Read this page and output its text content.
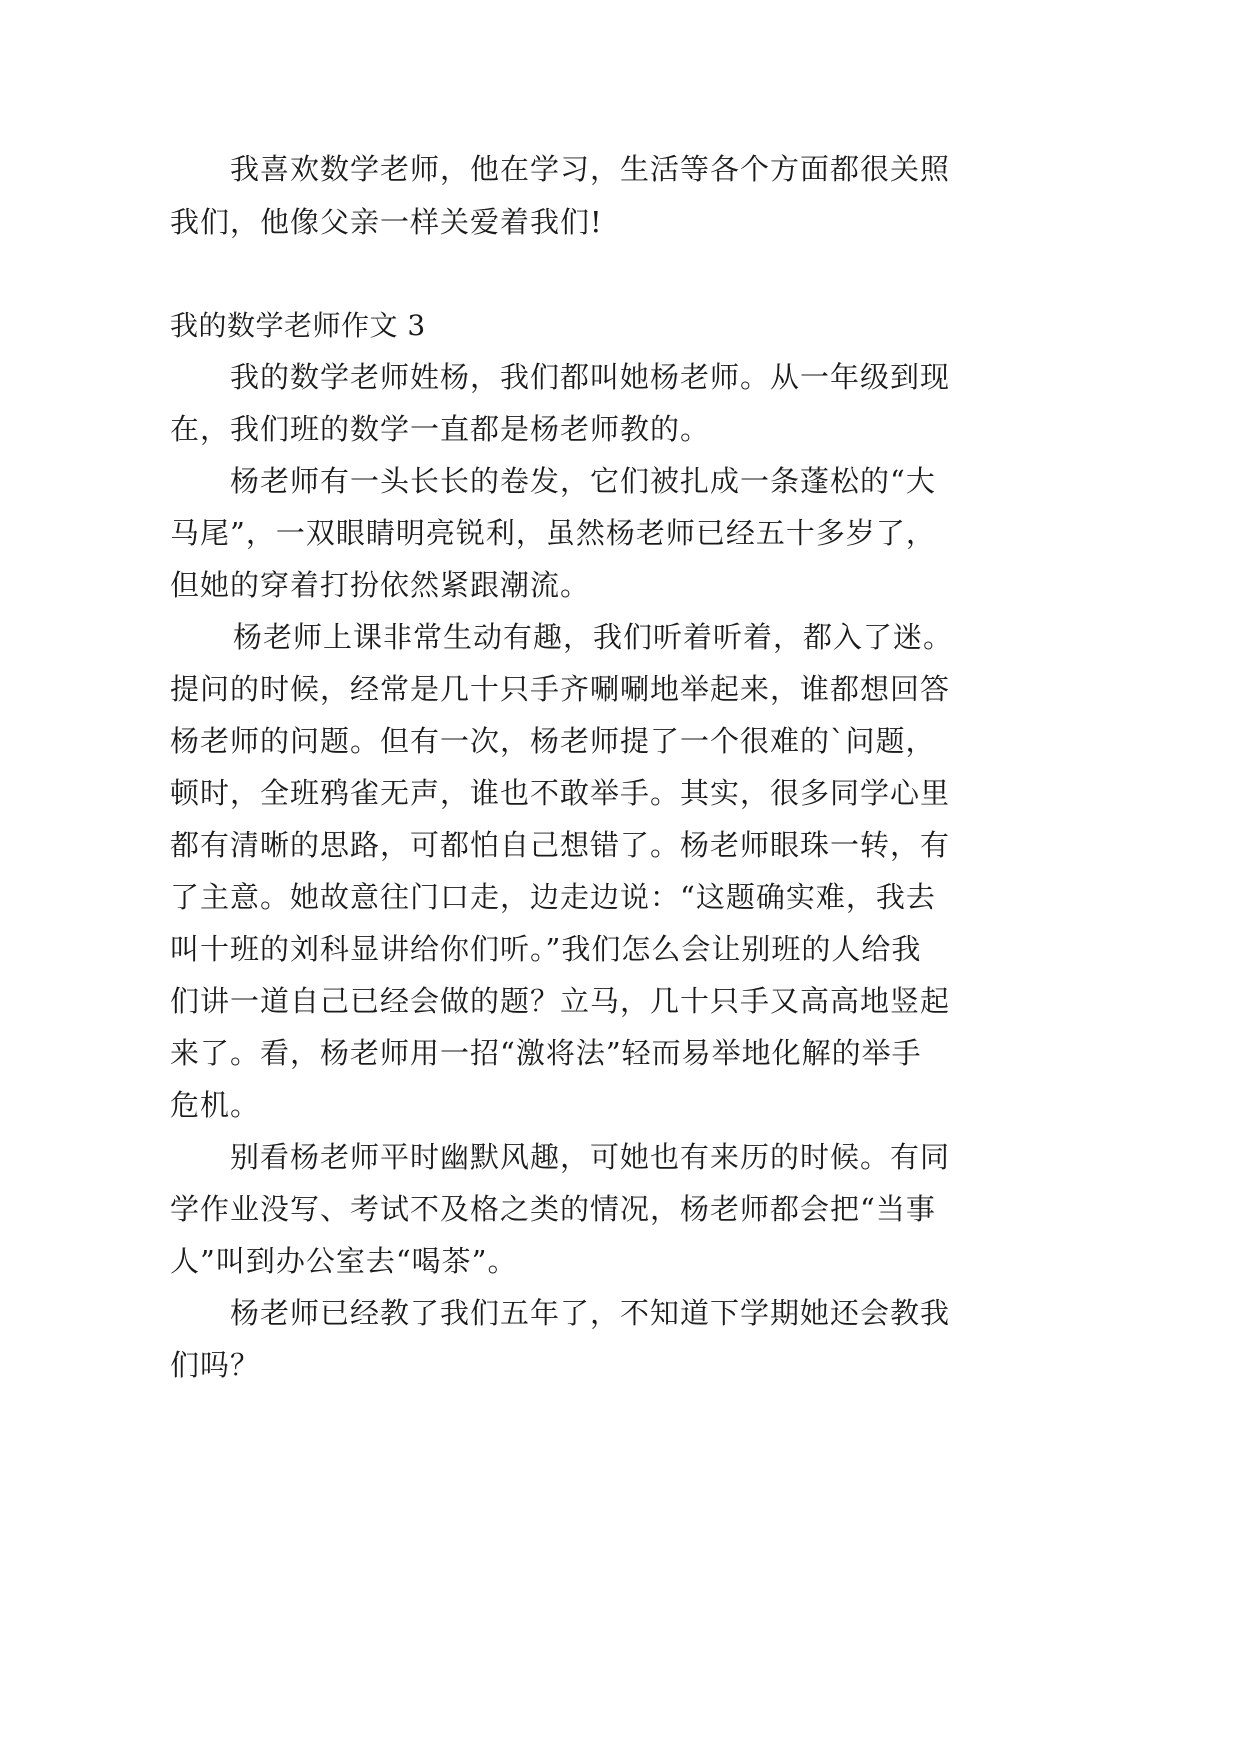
我喜欢数学老师，他在学习，生活等各个方面都很关照
我们，他像父亲一样关爱着我们!
我的数学老师作文 3
我的数学老师姓杨，我们都叫她杨老师。从一年级到现
在，我们班的数学一直都是杨老师教的。
杨老师有一头长长的卷发，它们被扎成一条蓬松的“大
马尾”，一双眼睛明亮锐利，虽然杨老师已经五十多岁了，
但她的穿着打扮依然紧跟潮流。
杨老师上课非常生动有趣，我们听着听着，都入了迷。
提问的时候，经常是几十只手齐唰唰地举起来，谁都想回答
杨老师的问题。但有一次，杨老师提了一个很难的`问题，
顿时，全班鸦雀无声，谁也不敢举手。其实，很多同学心里
都有清晰的思路，可都怕自己想错了。杨老师眼珠一转，有
了主意。她故意往门口走，边走边说：“这题确实难，我去
叫十班的刘科显讲给你们听。”我们怎么会让别班的人给我
们讲一道自己已经会做的题？立马，几十只手又高高地竖起
来了。看，杨老师用一招“激将法”轻而易举地化解的举手
危机。
别看杨老师平时幽默风趣，可她也有来历的时候。有同
学作业没写、考试不及格之类的情况，杨老师都会把“当事
人”叫到办公室去“喝茶”。
杨老师已经教了我们五年了，不知道下学期她还会教我
们吗？
